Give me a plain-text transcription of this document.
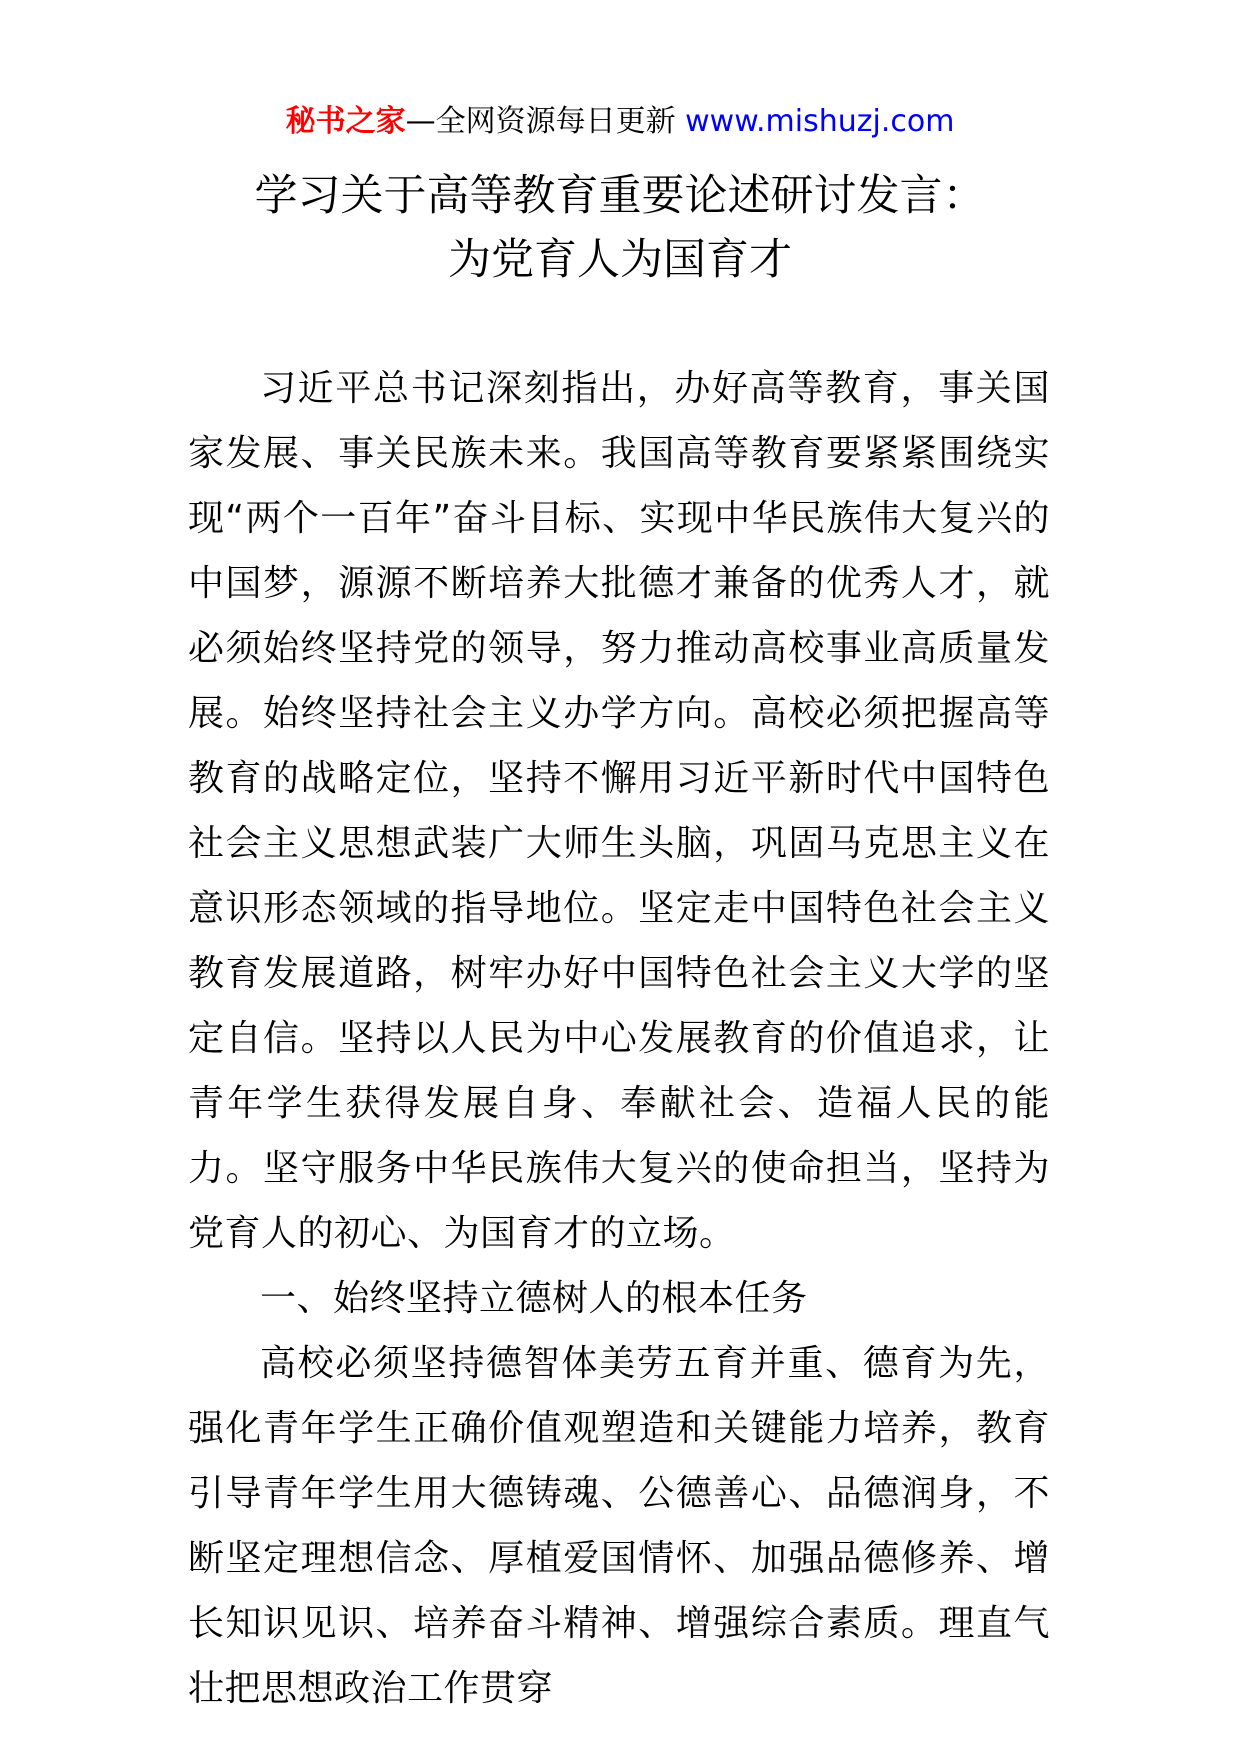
秘书之家—全网资源每日更新 www.mishuzj.com
学习关于高等教育重要论述研讨发言：
为党育人为国育才

习近平总书记深刻指出，办好高等教育，事关国家发展、事关民族未来。我国高等教育要紧紧围绕实现“两个一百年”奋斗目标、实现中华民族伟大复兴的中国梦，源源不断培养大批德才兼备的优秀人才，就必须始终坚持党的领导，努力推动高校事业高质量发展。始终坚持社会主义办学方向。高校必须把握高等教育的战略定位，坚持不懈用习近平新时代中国特色社会主义思想武装广大师生头脑，巩固马克思主义在意识形态领域的指导地位。坚定走中国特色社会主义教育发展道路，树牢办好中国特色社会主义大学的坚定自信。坚持以人民为中心发展教育的价值追求，让青年学生获得发展自身、奉献社会、造福人民的能力。坚守服务中华民族伟大复兴的使命担当，坚持为党育人的初心、为国育才的立场。

一、始终坚持立德树人的根本任务

高校必须坚持德智体美劳五育并重、德育为先，强化青年学生正确价值观塑造和关键能力培养，教育引导青年学生用大德铸魂、公德善心、品德润身，不断坚定理想信念、厚植爱国情怀、加强品德修养、增长知识见识、培养奋斗精神、增强综合素质。理直气壮把思想政治工作贯穿
